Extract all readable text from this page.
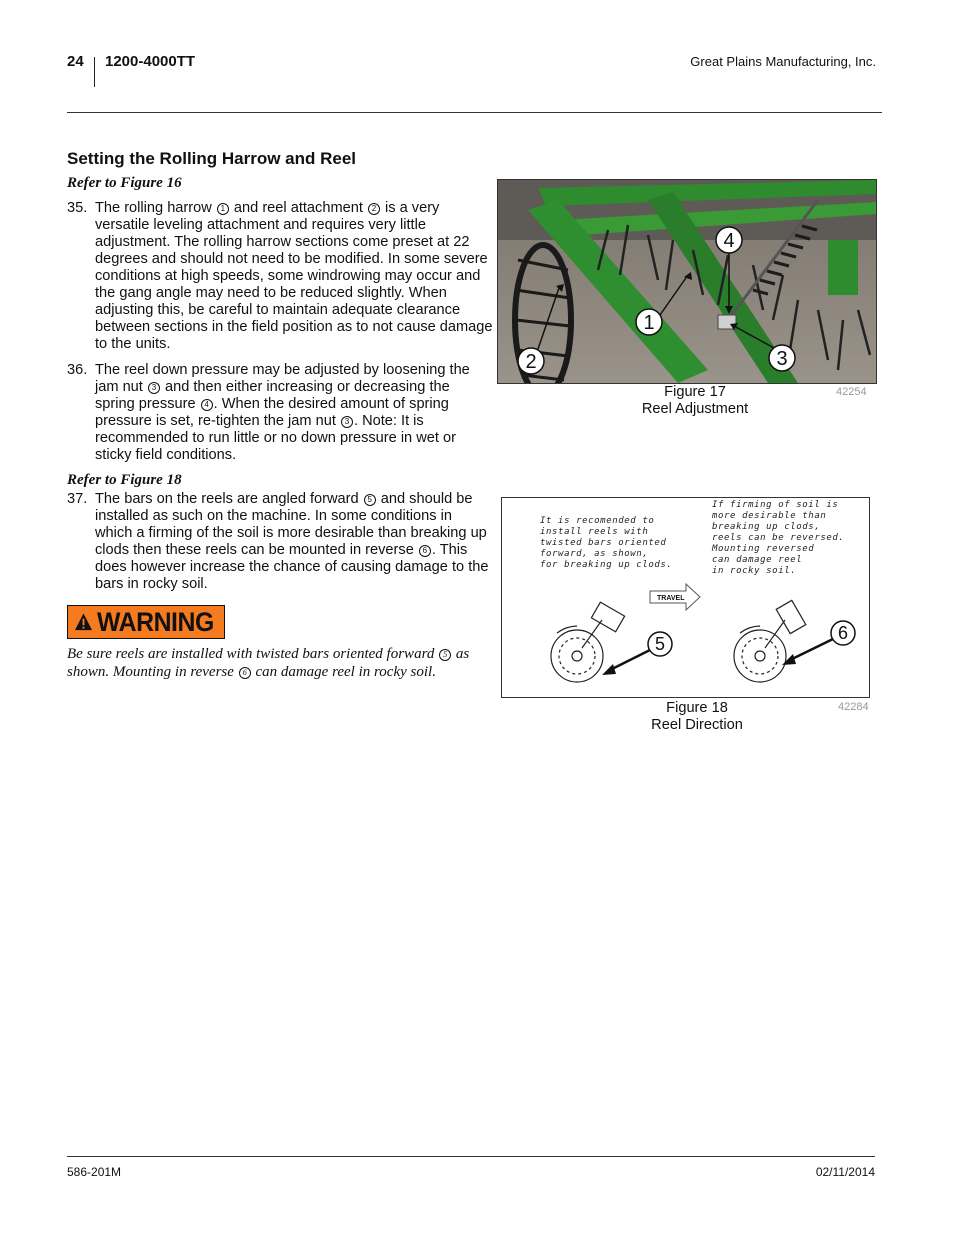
24 1200-4000TT	Great Plains Manufacturing, Inc.
Setting the Rolling Harrow and Reel
Refer to Figure 16
35. The rolling harrow 1 and reel attachment 2 is a very versatile leveling attachment and requires very little adjustment. The rolling harrow sections come preset at 22 degrees and should not need to be modified. In some severe conditions at high speeds, some windrowing may occur and the gang angle may need to be reduced slightly. When adjusting this, be careful to maintain adequate clearance between sections in the field position as to not cause damage to the units.
36. The reel down pressure may be adjusted by loosening the jam nut 3 and then either increasing or decreasing the spring pressure 4 . When the desired amount of spring pressure is set, re-tighten the jam nut 3 . Note: It is recommended to run little or no down pressure in wet or sticky field conditions.
Refer to Figure 18
37. The bars on the reels are angled forward 5 and should be installed as such on the machine. In some conditions in which a firming of the soil is more desirable than breaking up clods then these reels can be mounted in reverse 6 . This does however increase the chance of causing damage to the bars in rocky soil.
WARNING
Be sure reels are installed with twisted bars oriented forward 5 as shown. Mounting in reverse 6 can damage reel in rocky soil.
4
1
2	3
Figure 17
Reel Adjustment
42254
It is recomended to
install reels with
twisted bars oriented
forward, as shown,
for breaking up clods.
If firming of soil is
more desirable than
breaking up clods,
reels can be reversed.
Mounting reversed
can damage reel
in rocky soil.
TRAVEL
5
6
Figure 18
Reel Direction
42284
586-201M	02/11/2014
